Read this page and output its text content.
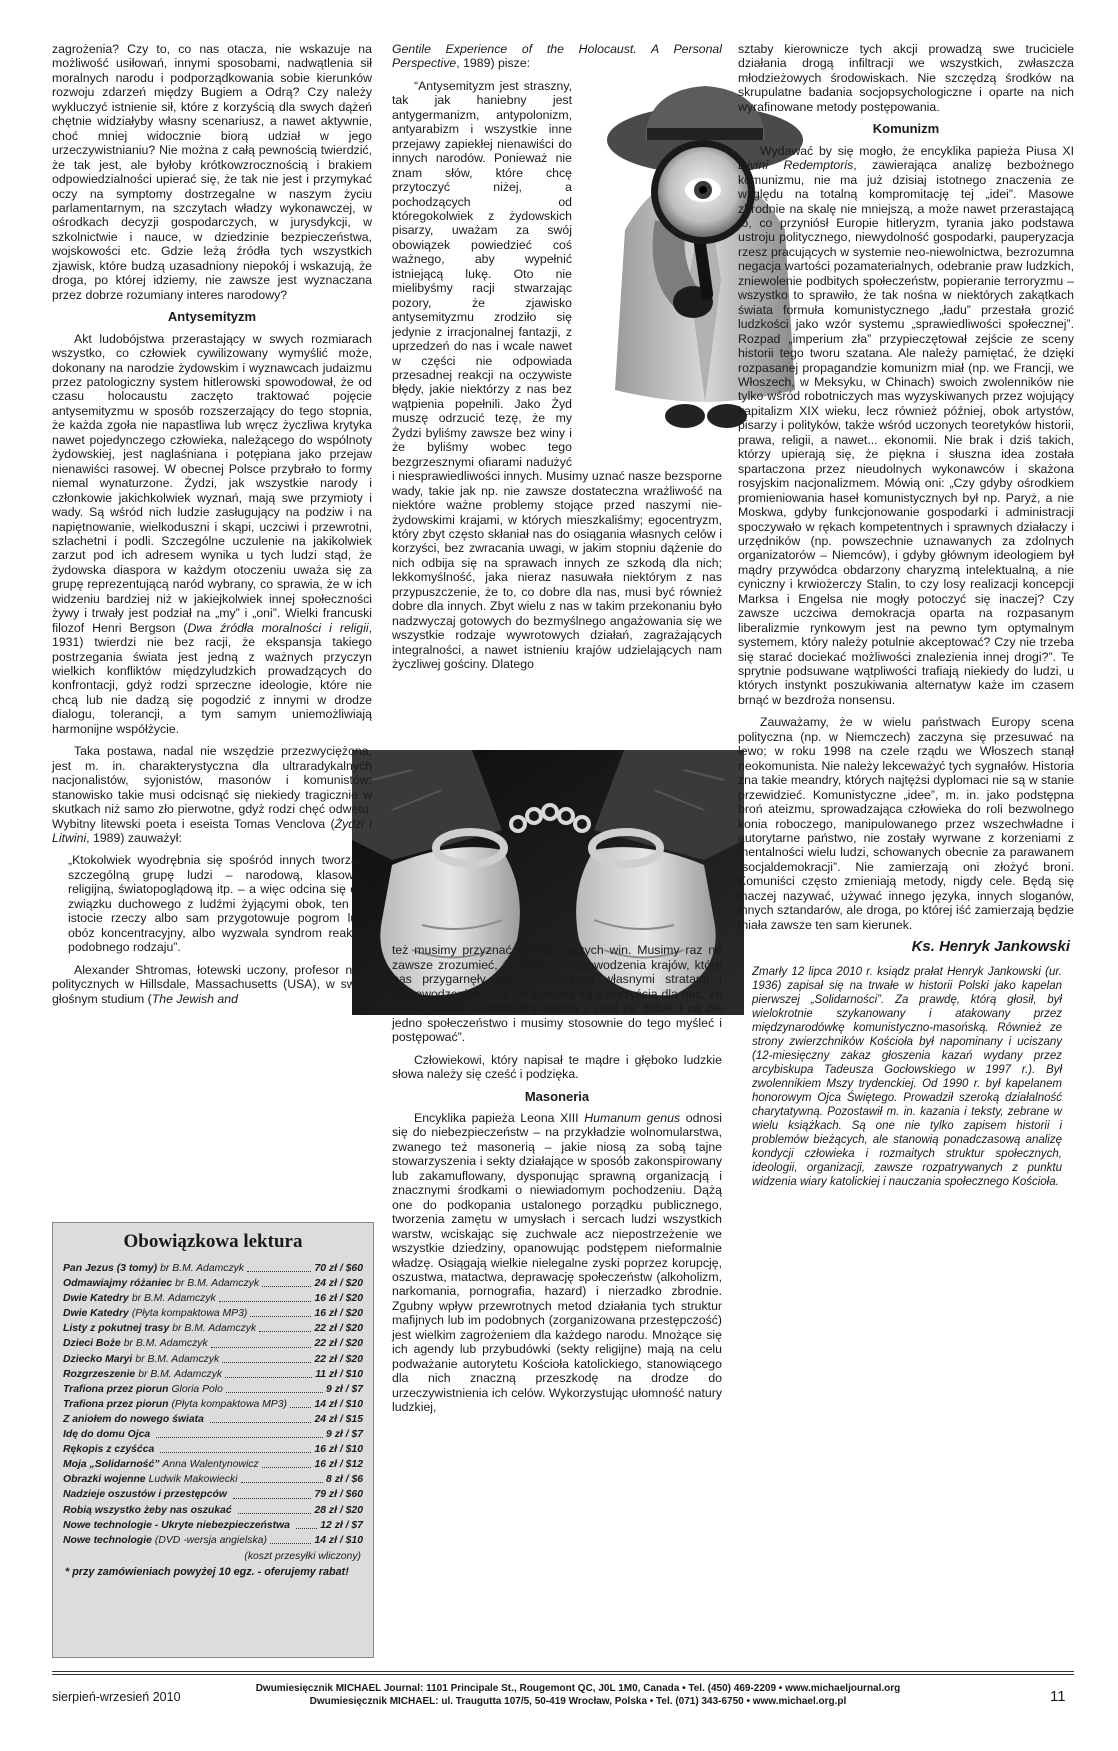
zagrożenia? Czy to, co nas otacza, nie wskazuje na możliwość usiłowań, innymi sposobami, nadwątlenia sił moralnych narodu i podporządkowania sobie kierunków rozwoju zdarzeń między Bugiem a Odrą? Czy należy wykluczyć istnienie sił, które z korzyścią dla swych dążeń chętnie widziałyby własny scenariusz, a nawet aktywnie, choć mniej widocznie biorą udział w jego urzeczywistnianiu? Nie można z całą pewnością twierdzić, że tak jest, ale byłoby krótkowzrocznością i brakiem odpowiedzialności upierać się, że tak nie jest i przymykać oczy na symptomy dostrzegalne w naszym życiu parlamentarnym, na szczytach władzy wykonawczej, w ośrodkach decyzji gospodarczych, w jurysdykcji, w szkolnictwie i nauce, w dziedzinie bezpieczeństwa, wojskowości etc. Gdzie leżą źródła tych wszystkich zjawisk, które budzą uzasadniony niepokój i wskazują, że droga, po której idziemy, nie zawsze jest wyznaczana przez dobrze rozumiany interes narodowy?

Antysemityzm

Akt ludobójstwa przerastający w swych rozmiarach wszystko, co człowiek cywilizowany wymyślić może, dokonany na narodzie żydowskim i wyznawcach judaizmu przez patologiczny system hitlerowski spowodował, że od czasu holocaustu zaczęto traktować pojęcie antysemityzmu w sposób rozszerzający do tego stopnia, że każda zgoła nie napastliwa lub wręcz życzliwa krytyka nawet pojedynczego człowieka, należącego do wspólnoty żydowskiej, jest naglaśniana i potępiana jako przejaw nienawiści rasowej. W obecnej Polsce przybrało to formy niemal wynaturzone. Żydzi, jak wszystkie narody i członkowie jakichkolwiek wyznań, mają swe przymioty i wady. Są wśród nich ludzie zasługujący na podziw i na napiętnowanie, wielkoduszni i skąpi, uczciwi i przewrotni, szlachetni i podli. Szczególne uczulenie na jakikolwiek zarzut pod ich adresem wynika u tych ludzi stąd, że żydowska diaspora w każdym otoczeniu uważa się za grupę reprezentującą naród wybrany, co sprawia, że w ich widzeniu bardziej niż w jakiejkolwiek innej społeczności żywy i trwały jest podział na „my” i „oni”. Wielki francuski filozof Henri Bergson (Dwa źródła moralności i religii, 1931) twierdzi nie bez racji, że ekspansja takiego postrzegania świata jest jedną z ważnych przyczyn wielkich konfliktów międzyludzkich prowadzących do konfrontacji, gdyż rodzi sprzeczne ideologie, które nie chcą lub nie dadzą się pogodzić z innymi w drodze dialogu, tolerancji, a tym samym uniemożliwiają harmonijne współżycie.

Taka postawa, nadal nie wszędzie przezwyciężona, jest m. in. charakterystyczna dla ultraradykalnych nacjonalistów, syjonistów, masonów i komunistów; stanowisko takie musi odcisnąć się niekiedy tragicznie w skutkach niż samo zło pierwotne, gdyż rodzi chęć odwetu. Wybitny litewski poeta i eseista Tomas Venclova (Żydzi i Litwini, 1989) zauważył:

„Ktokolwiek wyodrębnia się spośród innych tworząc szczególną grupę ludzi – narodową, klasową, religijną, światopoglądową itp. – a więc odcina się od związku duchowego z ludźmi żyjącymi obok, ten w istocie rzeczy albo sam przygotowuje pogrom lub obóz koncentracyjny, albo wyzwala syndrom reakcji podobnego rodzaju”.

Alexander Shtromas, łotewski uczony, profesor nauk politycznych w Hillsdale, Massachusetts (USA), w swym głośnym studium (The Jewish and

Gentile Experience of the Holocaust. A Personal Perspective, 1989) pisze:

“Antysemityzm jest straszny, tak jak haniebny jest antygermanizm, antypolonizm, antyarabizm i wszystkie inne przejawy zapiekłej nienawiści do innych narodów. Ponieważ nie znam słów, które chcę przytoczyć niżej, a pochodzących od któregokolwiek z żydowskich pisarzy, uważam za swój obowiązek powiedzieć coś ważnego, aby wypełnić istniejącą lukę. Oto nie mielibyśmy racji stwarzając pozory, że zjawisko antysemityzmu zrodziło się jedynie z irracjonalnej fantazji, z uprzedzeń do nas i wcale nawet w części nie odpowiada przesadnej reakcji na oczywiste błędy, jakie niektórzy z nas bez wątpienia popełnili. Jako Żyd muszę odrzucić tezę, że my Żydzi byliśmy zawsze bez winy i że byliśmy wobec tego bezgrzesznymi ofiarami nadużyć i niesprawiedliwości innych. Musimy uznać nasze bezsporne wady, takie jak np. nie zawsze dostateczna wrażliwość na niektóre ważne problemy stojące przed naszymi nie-żydowskimi krajami, w których mieszkaliśmy; egocentryzm, który zbyt często skłaniał nas do osiągania własnych celów i korzyści, bez zwracania uwagi, w jakim stopniu dążenie do nich odbija się na sprawach innych ze szkodą dla nich; lekkomyślność, jaka nieraz nasuwała niektórym z nas przypuszczenie, że to, co dobre dla nas, musi być również dobre dla innych. Zbyt wielu z nas w takim przekonaniu było nadzwyczaj gotowych do bezmyślnego angażowania się we wszystkie rodzaje wywrotowych działań, zagrażających integralności, a nawet istnieniu krajów udzielających nam życzliwej gościny. Dlatego

też musimy przyznać się do naszych win. Musimy raz na zawsze zrozumieć, że straty i niepowodzenia krajów, które nas przygarnęły, są też naszymi własnymi stratami i niepowodzeniami, że ich sukcesy są z korzyścią dla nas, że z woli historii kształtujemy razem z nimi na dobre i na złe jedno społeczeństwo i musimy stosownie do tego myśleć i postępować”.

Człowiekowi, który napisał te mądre i głęboko ludzkie słowa należy się cześć i podzięka.

Masoneria

Encyklika papieża Leona XIII Humanum genus odnosi się do niebezpieczeństw – na przykładzie wolnomularstwa, zwanego też masonerią – jakie niosą za sobą tajne stowarzyszenia i sekty działające w sposób zakonspirowany lub zakamuflowany, dysponując sprawną organizacją i znacznymi środkami o niewiadomym pochodzeniu. Dążą one do podkopania ustalonego porządku publicznego, tworzenia zamętu w umysłach i sercach ludzi wszystkich warstw, wciskając się zuchwale acz niepostrzeżenie we wszystkie dziedziny, opanowując podstępem nieformalnie władzę. Osiągają wielkie nielegalne zyski poprzez korupcję, oszustwa, matactwa, deprawację społeczeństw (alkoholizm, narkomania, pornografia, hazard) i nierzadko zbrodnie. Zgubny wpływ przewrotnych metod działania tych struktur mafijnych lub im podobnych (zorganizowana przestępczość) jest wielkim zagrożeniem dla każdego narodu. Mnożące się ich agendy lub przybudówki (sekty religijne) mają na celu podważanie autorytetu Kościoła katolickiego, stanowiącego dla nich znaczną przeszkodę na drodze do urzeczywistnienia ich celów. Wykorzystując ułomność natury ludzkiej,

sztaby kierownicze tych akcji prowadzą swe truciciele działania drogą infiltracji we wszystkich, zwłaszcza młodzieżowych środowiskach. Nie szczędzą środków na skrupulatne badania socjopsychologiczne i oparte na nich wyrafinowane metody postępowania.

Komunizm

Wydawać by się mogło, że encyklika papieża Piusa XI Divini Redemptoris, zawierająca analizę bezbożnego komunizmu, nie ma już dzisiaj istotnego znaczenia ze względu na totalną kompromitację tej „idei”. Masowe zbrodnie na skalę nie mniejszą, a może nawet przerastającą to, co przyniósł Europie hitleryzm, tyrania jako podstawa ustroju politycznego, niewydolność gospodarki, pauperyzacja rzesz pracujących w systemie neo-niewolnictwa, bezrozumna negacja wartości pozamaterialnych, odebranie praw ludzkich, zniewolenie podbitych społeczeństw, popieranie terroryzmu – wszystko to sprawiło, że tak nośna w niektórych zakątkach świata formuła komunistycznego „ładu” przestała grozić ludzkości jako wzór systemu „sprawiedliwości społecznej”. Rozpad „imperium zła” przypieczętował zejście ze sceny historii tego tworu szatana. Ale należy pamiętać, że dzięki rozpasanej propagandzie komunizm miał (np. we Francji, we Włoszech, w Meksyku, w Chinach) swoich zwolenników nie tylko wśród robotniczych mas wyzyskiwanych przez wojujący kapitalizm XIX wieku, lecz również później, obok artystów, pisarzy i polityków, także wśród uczonych teoretyków historii, prawa, religii, a nawet... ekonomii. Nie brak i dziś takich, którzy upierają się, że piękna i słuszna idea została spartaczona przez nieudolnych wykonawców i skażona rosyjskim nacjonalizmem. Mówią oni: „Czy gdyby ośrodkiem promieniowania haseł komunistycznych był np. Paryż, a nie Moskwa, gdyby funkcjonowanie gospodarki i administracji spoczywało w rękach kompetentnych i sprawnych działaczy i urzędników (np. powszechnie uznawanych za zdolnych organizatorów – Niemców), i gdyby głównym ideologiem był mądry przywódca obdarzony charyzmą intelektualną, a nie cyniczny i krwiożerczy Stalin, to czy losy realizacji koncepcji Marksa i Engelsa nie mogły potoczyć się inaczej? Czy zawsze uczciwa demokracja oparta na rozpasanym liberalizmie rynkowym jest na pewno tym optymalnym systemem, który należy potulnie akceptować? Czy nie trzeba się starać dociekać możliwości znalezienia innej drogi?”. Te sprytnie podsuwane wątpliwości trafiają niekiedy do ludzi, u których instynkt poszukiwania alternatyw każe im czasem brnąć w bezdroża nonsensu.

Zauważamy, że w wielu państwach Europy scena polityczna (np. w Niemczech) zaczyna się przesuwać na lewo; w roku 1998 na czele rządu we Włoszech stanął neokomunista. Nie należy lekceważyć tych sygnałów. Historia zna takie meandry, których najtężsi dyplomaci nie są w stanie przewidzieć. Komunistyczne „idee”, m. in. jako podstępna broń ateizmu, sprowadzająca człowieka do roli bezwolnego konia roboczego, manipulowanego przez wszechwładne i autorytarne państwo, nie zostały wyrwane z korzeniami z mentalności wielu ludzi, schowanych obecnie za parawanem „socjaldemokracji”. Nie zamierzają oni złożyć broni. Komuniści często zmieniają metody, nigdy cele. Będą się inaczej nazywać, używać innego języka, innych sloganów, innych sztandarów, ale droga, po której iść zamierzają będzie miała zawsze ten sam kierunek.

Ks. Henryk Jankowski

Zmarły 12 lipca 2010 r. ksiądz prałat Henryk Jankowski (ur. 1936) zapisał się na trwałe w historii Polski jako kapelan pierwszej „Solidarności”. Za prawdę, którą głosił, był wielokrotnie szykanowany i atakowany przez międzynarodówkę komunistyczno-masońską. Również ze strony zwierzchników Kościoła był napominany i uciszany (12-miesięczny zakaz głoszenia kazań wydany przez arcybiskupa Tadeusza Gocłowskiego w 1997 r.). Był zwolennikiem Mszy trydenckiej. Od 1990 r. był kapelanem honorowym Ojca Świętego. Prowadził szeroką działalność charytatywną. Pozostawił m. in. kazania i teksty, zebrane w wielu książkach. Są one nie tylko zapisem historii i problemów bieżących, ale stanowią ponadczasową analizę kondycji człowieka i rozmaitych struktur społecznych, ideologii, organizacji, zawsze rozpatrywanych z punktu widzenia wiary katolickiej i nauczania społecznego Kościoła.

Obowiązkowa lektura
Pan Jezus (3 tomy) br B.M. Adamczyk	70 zł / $60
Odmawiajmy różaniec br B.M. Adamczyk	24 zł / $20
Dwie Katedry br B.M. Adamczyk	16 zł / $20
Dwie Katedry (Płyta kompaktowa MP3)	16 zł / $20
Listy z pokutnej trasy br B.M. Adamczyk	22 zł / $20
Dzieci Boże br B.M. Adamczyk	22 zł / $20
Dziecko Maryi br B.M. Adamczyk	22 zł / $20
Rozgrzeszenie br B.M. Adamczyk	11 zł / $10
Trafiona przez piorun Gloria Polo	9 zł / $7
Trafiona przez piorun (Płyta kompaktowa MP3)	14 zł / $10
Z aniołem do nowego świata	24 zł / $15
Idę do domu Ojca	9 zł / $7
Rękopis z czyśćca	16 zł / $10
Moja „Solidarność” Anna Walentynowicz	16 zł / $12
Obrazki wojenne Ludwik Makowiecki	8 zł / $6
Nadzieje oszustów i przestępców	79 zł / $60
Robią wszystko żeby nas oszukać	28 zł / $20
Nowe technologie - Ukryte niebezpieczeństwa	12 zł / $7
Nowe technologie (DVD -wersja angielska)	14 zł / $10
(koszt przesyłki wliczony)
* przy zamówieniach powyżej 10 egz. - oferujemy rabat!
sierpień-wrzesień 2010
Dwumiesięcznik MICHAEL Journal: 1101 Principale St., Rougemont QC, J0L 1M0, Canada • Tel. (450) 469-2209 • www.michaeljournal.org
Dwumiesięcznik MICHAEL: ul. Traugutta 107/5, 50-419 Wrocław, Polska • Tel. (071) 343-6750 • www.michael.org.pl	11
